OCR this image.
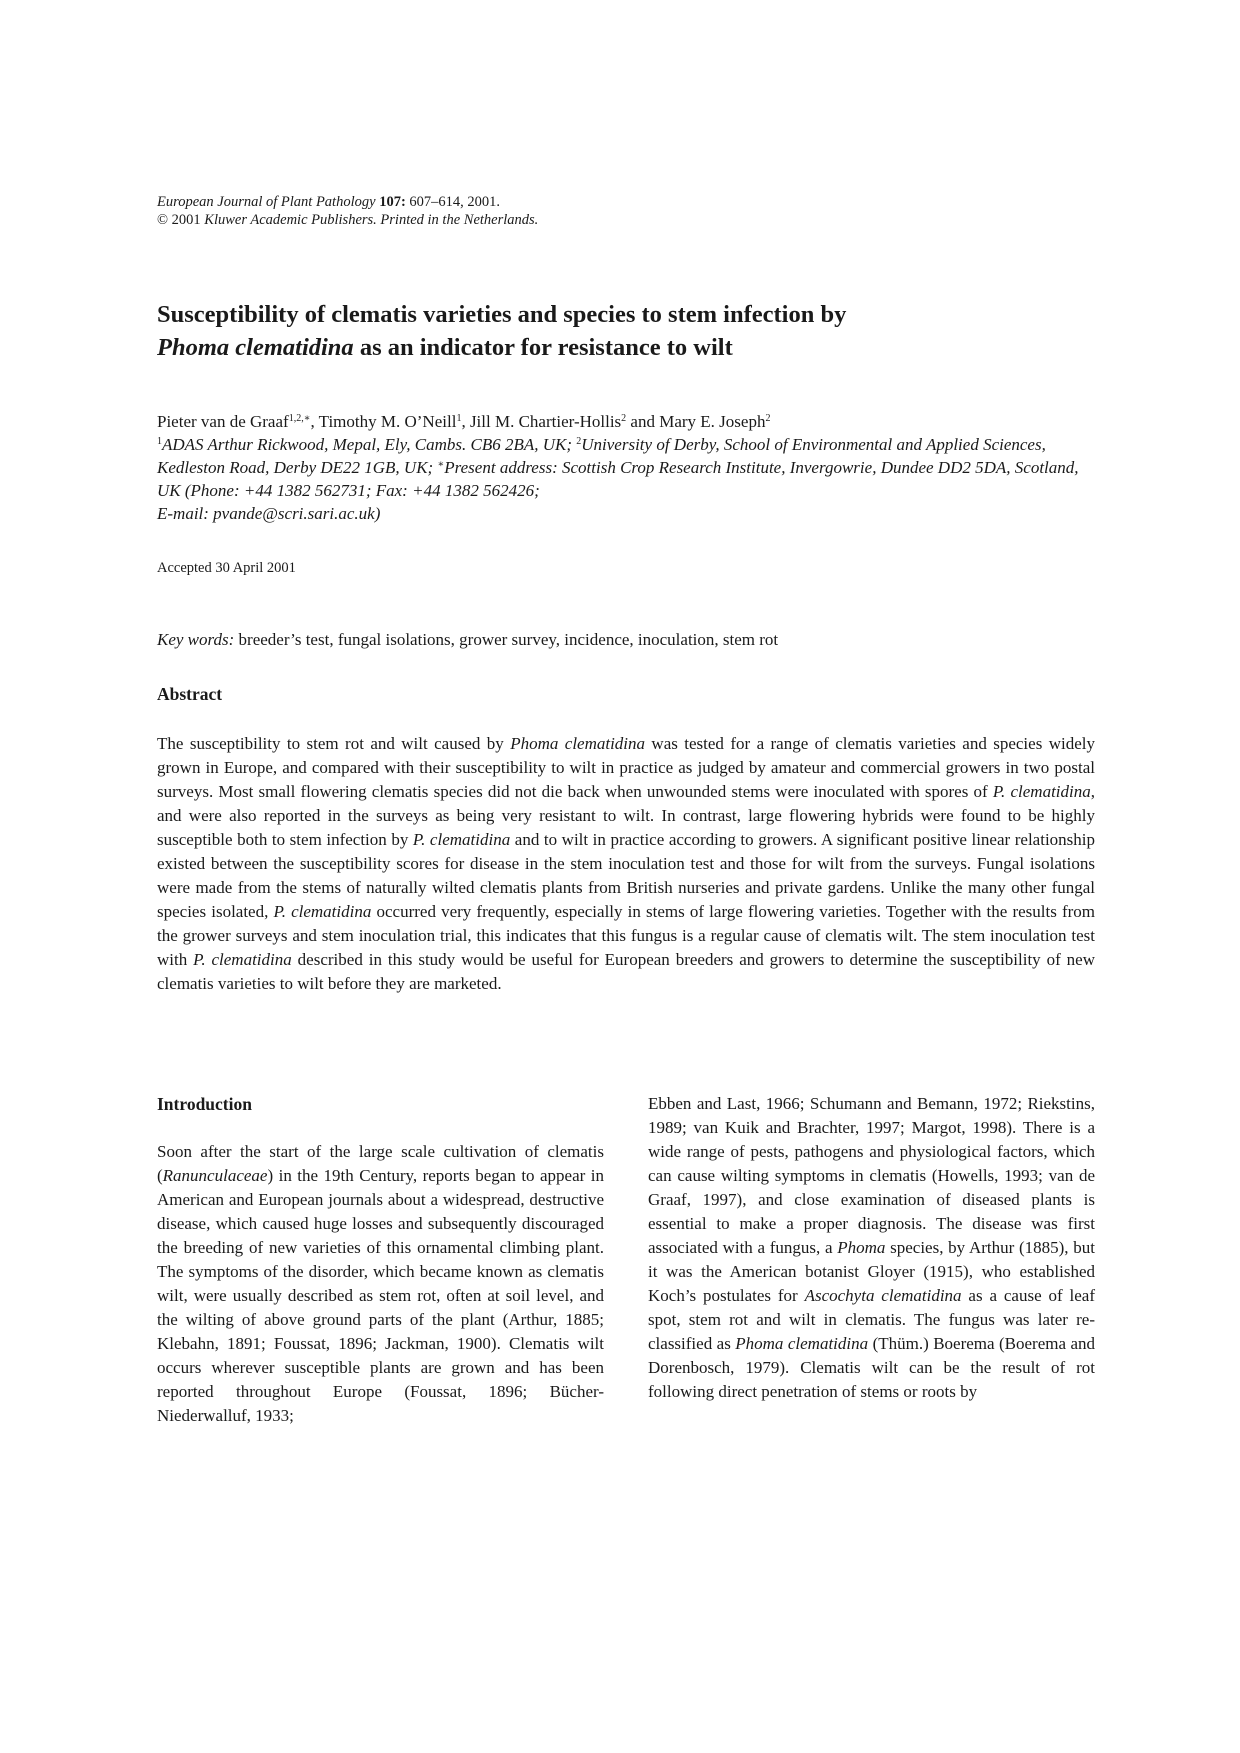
European Journal of Plant Pathology 107: 607–614, 2001.
© 2001 Kluwer Academic Publishers. Printed in the Netherlands.
Susceptibility of clematis varieties and species to stem infection by
Phoma clematidina as an indicator for resistance to wilt
Pieter van de Graaf$^{1,2,∗}$, Timothy M. O’Neill$^1$, Jill M. Chartier-Hollis$^2$ and Mary E. Joseph$^2$
$^1$ADAS Arthur Rickwood, Mepal, Ely, Cambs. CB6 2BA, UK; $^2$University of Derby, School of Environmental and Applied Sciences, Kedleston Road, Derby DE22 1GB, UK; ∗Present address: Scottish Crop Research Institute, Invergowrie, Dundee DD2 5DA, Scotland, UK (Phone: +44 1382 562731; Fax: +44 1382 562426;
E-mail: pvande@scri.sari.ac.uk)
Accepted 30 April 2001
Key words: breeder’s test, fungal isolations, grower survey, incidence, inoculation, stem rot
Abstract
The susceptibility to stem rot and wilt caused by Phoma clematidina was tested for a range of clematis varieties and species widely grown in Europe, and compared with their susceptibility to wilt in practice as judged by amateur and commercial growers in two postal surveys. Most small flowering clematis species did not die back when unwounded stems were inoculated with spores of P. clematidina, and were also reported in the surveys as being very resistant to wilt. In contrast, large flowering hybrids were found to be highly susceptible both to stem infection by P. clematidina and to wilt in practice according to growers. A significant positive linear relationship existed between the susceptibility scores for disease in the stem inoculation test and those for wilt from the surveys. Fungal isolations were made from the stems of naturally wilted clematis plants from British nurseries and private gardens. Unlike the many other fungal species isolated, P. clematidina occurred very frequently, especially in stems of large flowering varieties. Together with the results from the grower surveys and stem inoculation trial, this indicates that this fungus is a regular cause of clematis wilt. The stem inoculation test with P. clematidina described in this study would be useful for European breeders and growers to determine the susceptibility of new clematis varieties to wilt before they are marketed.
Introduction
Soon after the start of the large scale cultivation of clematis (Ranunculaceae) in the 19th Century, reports began to appear in American and European journals about a widespread, destructive disease, which caused huge losses and subsequently discouraged the breeding of new varieties of this ornamental climbing plant. The symptoms of the disorder, which became known as clematis wilt, were usually described as stem rot, often at soil level, and the wilting of above ground parts of the plant (Arthur, 1885; Klebahn, 1891; Foussat, 1896; Jackman, 1900). Clematis wilt occurs wherever susceptible plants are grown and has been reported throughout Europe (Foussat, 1896; Bücher-Niederwalluf, 1933;
Ebben and Last, 1966; Schumann and Bemann, 1972; Riekstins, 1989; van Kuik and Brachter, 1997; Margot, 1998). There is a wide range of pests, pathogens and physiological factors, which can cause wilting symptoms in clematis (Howells, 1993; van de Graaf, 1997), and close examination of diseased plants is essential to make a proper diagnosis. The disease was first associated with a fungus, a Phoma species, by Arthur (1885), but it was the American botanist Gloyer (1915), who established Koch’s postulates for Ascochyta clematidina as a cause of leaf spot, stem rot and wilt in clematis. The fungus was later re-classified as Phoma clematidina (Thüm.) Boerema (Boerema and Dorenbosch, 1979). Clematis wilt can be the result of rot following direct penetration of stems or roots by
